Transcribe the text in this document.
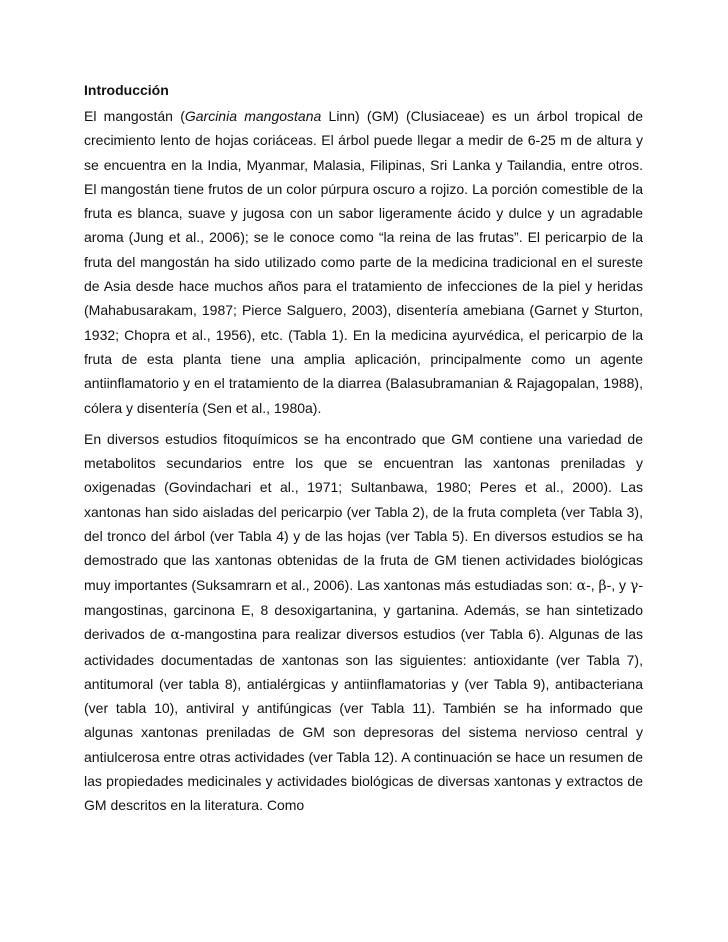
Introducción

El mangostán (Garcinia mangostana Linn) (GM) (Clusiaceae) es un árbol tropical de crecimiento lento de hojas coriáceas. El árbol puede llegar a medir de 6-25 m de altura y se encuentra en la India, Myanmar, Malasia, Filipinas, Sri Lanka y Tailandia, entre otros. El mangostán tiene frutos de un color púrpura oscuro a rojizo. La porción comestible de la fruta es blanca, suave y jugosa con un sabor ligeramente ácido y dulce y un agradable aroma (Jung et al., 2006); se le conoce como “la reina de las frutas”. El pericarpio de la fruta del mangostán ha sido utilizado como parte de la medicina tradicional en el sureste de Asia desde hace muchos años para el tratamiento de infecciones de la piel y heridas (Mahabusarakam, 1987; Pierce Salguero, 2003), disentería amebiana (Garnet y Sturton, 1932; Chopra et al., 1956), etc. (Tabla 1). En la medicina ayurvédica, el pericarpio de la fruta de esta planta tiene una amplia aplicación, principalmente como un agente antiinflamatorio y en el tratamiento de la diarrea (Balasubramanian & Rajagopalan, 1988), cólera y disentería (Sen et al., 1980a).

En diversos estudios fitoquímicos se ha encontrado que GM contiene una variedad de metabolitos secundarios entre los que se encuentran las xantonas preniladas y oxigenadas (Govindachari et al., 1971; Sultanbawa, 1980; Peres et al., 2000). Las xantonas han sido aisladas del pericarpio (ver Tabla 2), de la fruta completa (ver Tabla 3), del tronco del árbol (ver Tabla 4) y de las hojas (ver Tabla 5). En diversos estudios se ha demostrado que las xantonas obtenidas de la fruta de GM tienen actividades biológicas muy importantes (Suksamrarn et al., 2006). Las xantonas más estudiadas son: α-, β-, y γ-mangostinas, garcinona E, 8 desoxigartanina, y gartanina. Además, se han sintetizado derivados de α-mangostina para realizar diversos estudios (ver Tabla 6). Algunas de las actividades documentadas de xantonas son las siguientes: antioxidante (ver Tabla 7), antitumoral (ver tabla 8), antialérgicas y antiinflamatorias y (ver Tabla 9), antibacteriana (ver tabla 10), antiviral y antifúngicas (ver Tabla 11). También se ha informado que algunas xantonas preniladas de GM son depresoras del sistema nervioso central y antiulcerosa entre otras actividades (ver Tabla 12). A continuación se hace un resumen de las propiedades medicinales y actividades biológicas de diversas xantonas y extractos de GM descritos en la literatura. Como
